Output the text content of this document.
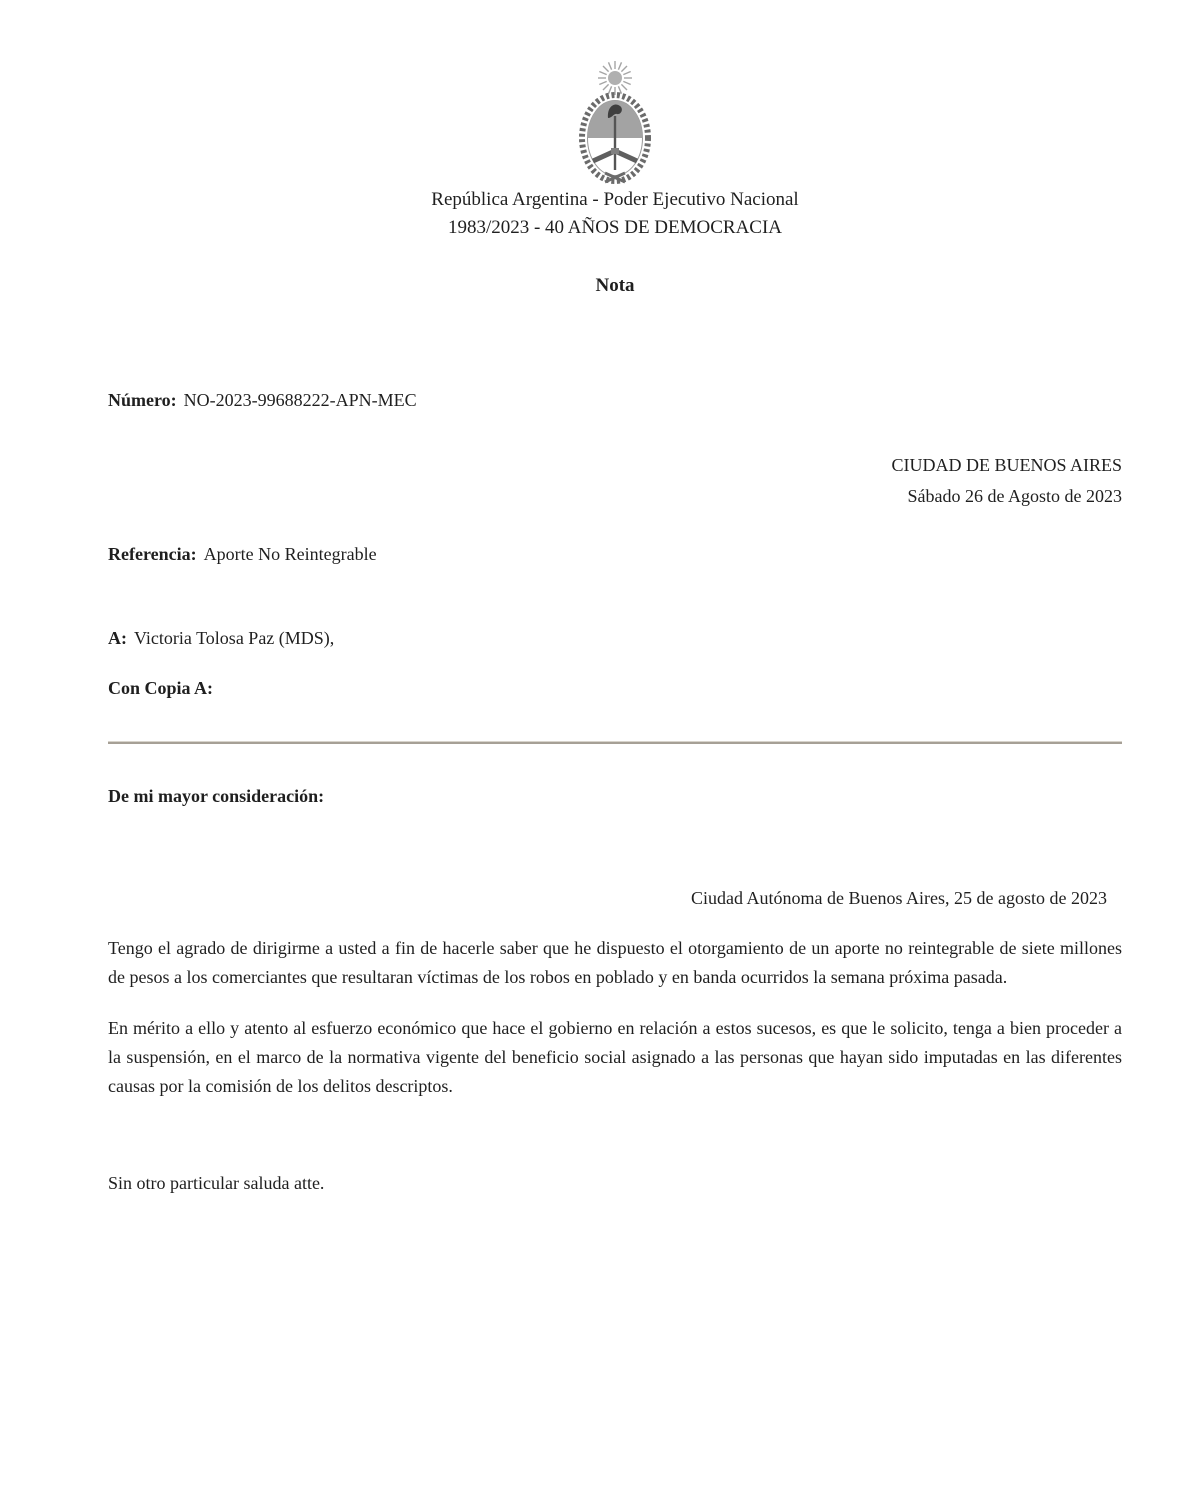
República Argentina - Poder Ejecutivo Nacional
1983/2023 - 40 AÑOS DE DEMOCRACIA
Nota
Número: NO-2023-99688222-APN-MEC
CIUDAD DE BUENOS AIRES
Sábado 26 de Agosto de 2023
Referencia: Aporte No Reintegrable
A: Victoria Tolosa Paz (MDS),
Con Copia A:
De mi mayor consideración:
Ciudad Autónoma de Buenos Aires, 25 de agosto de 2023
Tengo el agrado de dirigirme a usted a fin de hacerle saber que he dispuesto el otorgamiento de un aporte no reintegrable de siete millones de pesos a los comerciantes que resultaran víctimas de los robos en poblado y en banda ocurridos la semana próxima pasada.
En mérito a ello y atento al esfuerzo económico que hace el gobierno en relación a estos sucesos, es que le solicito, tenga a bien proceder a la suspensión, en el marco de la normativa vigente del beneficio social asignado a las personas que hayan sido imputadas en las diferentes causas por la comisión de los delitos descriptos.
Sin otro particular saluda atte.
